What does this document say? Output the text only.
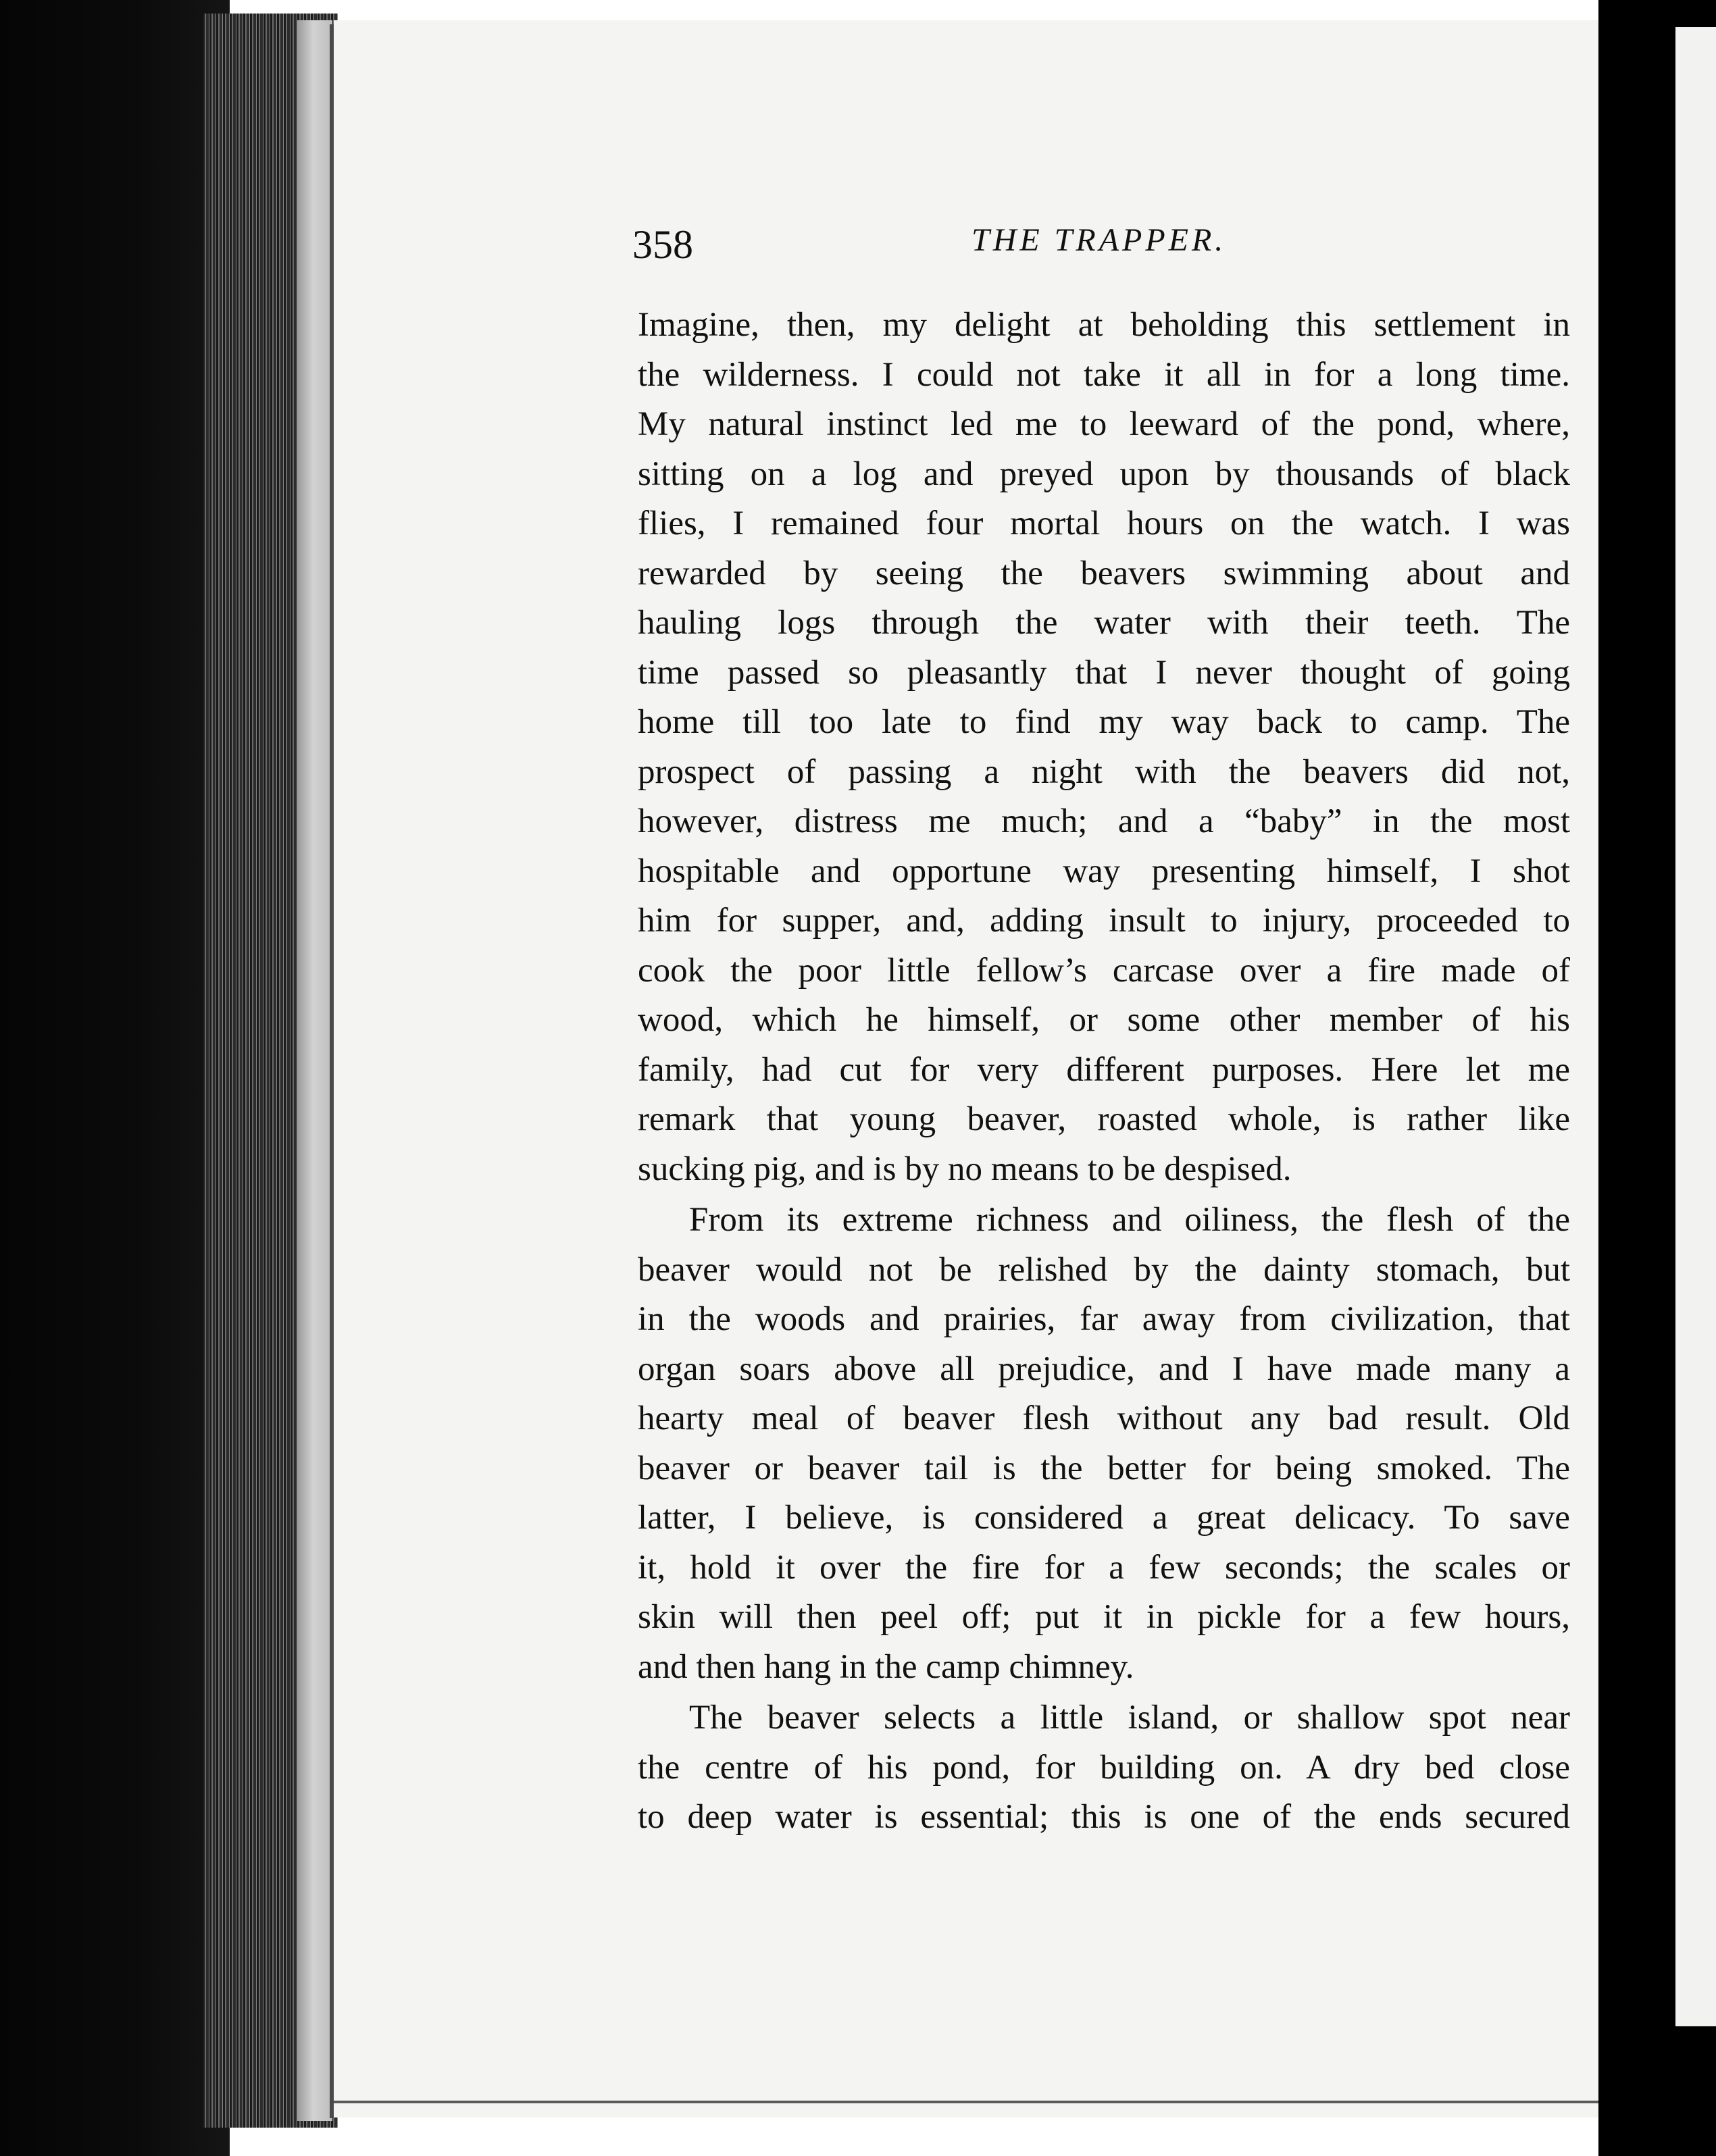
358	THE TRAPPER.
Imagine, then, my delight at beholding this settlement in
the wilderness. I could not take it all in for a long time.
My natural instinct led me to leeward of the pond, where,
sitting on a log and preyed upon by thousands of black
flies, I remained four mortal hours on the watch. I was
rewarded by seeing the beavers swimming about and
hauling logs through the water with their teeth. The
time passed so pleasantly that I never thought of going
home till too late to find my way back to camp. The
prospect of passing a night with the beavers did not,
however, distress me much; and a “baby” in the most
hospitable and opportune way presenting himself, I shot
him for supper, and, adding insult to injury, proceeded to
cook the poor little fellow’s carcase over a fire made of
wood, which he himself, or some other member of his
family, had cut for very different purposes. Here let me
remark that young beaver, roasted whole, is rather like
sucking pig, and is by no means to be despised.
From its extreme richness and oiliness, the flesh of the
beaver would not be relished by the dainty stomach, but
in the woods and prairies, far away from civilization, that
organ soars above all prejudice, and I have made many a
hearty meal of beaver flesh without any bad result. Old
beaver or beaver tail is the better for being smoked. The
latter, I believe, is considered a great delicacy. To save
it, hold it over the fire for a few seconds; the scales or
skin will then peel off; put it in pickle for a few hours,
and then hang in the camp chimney.
The beaver selects a little island, or shallow spot near
the centre of his pond, for building on. A dry bed close
to deep water is essential; this is one of the ends secured
